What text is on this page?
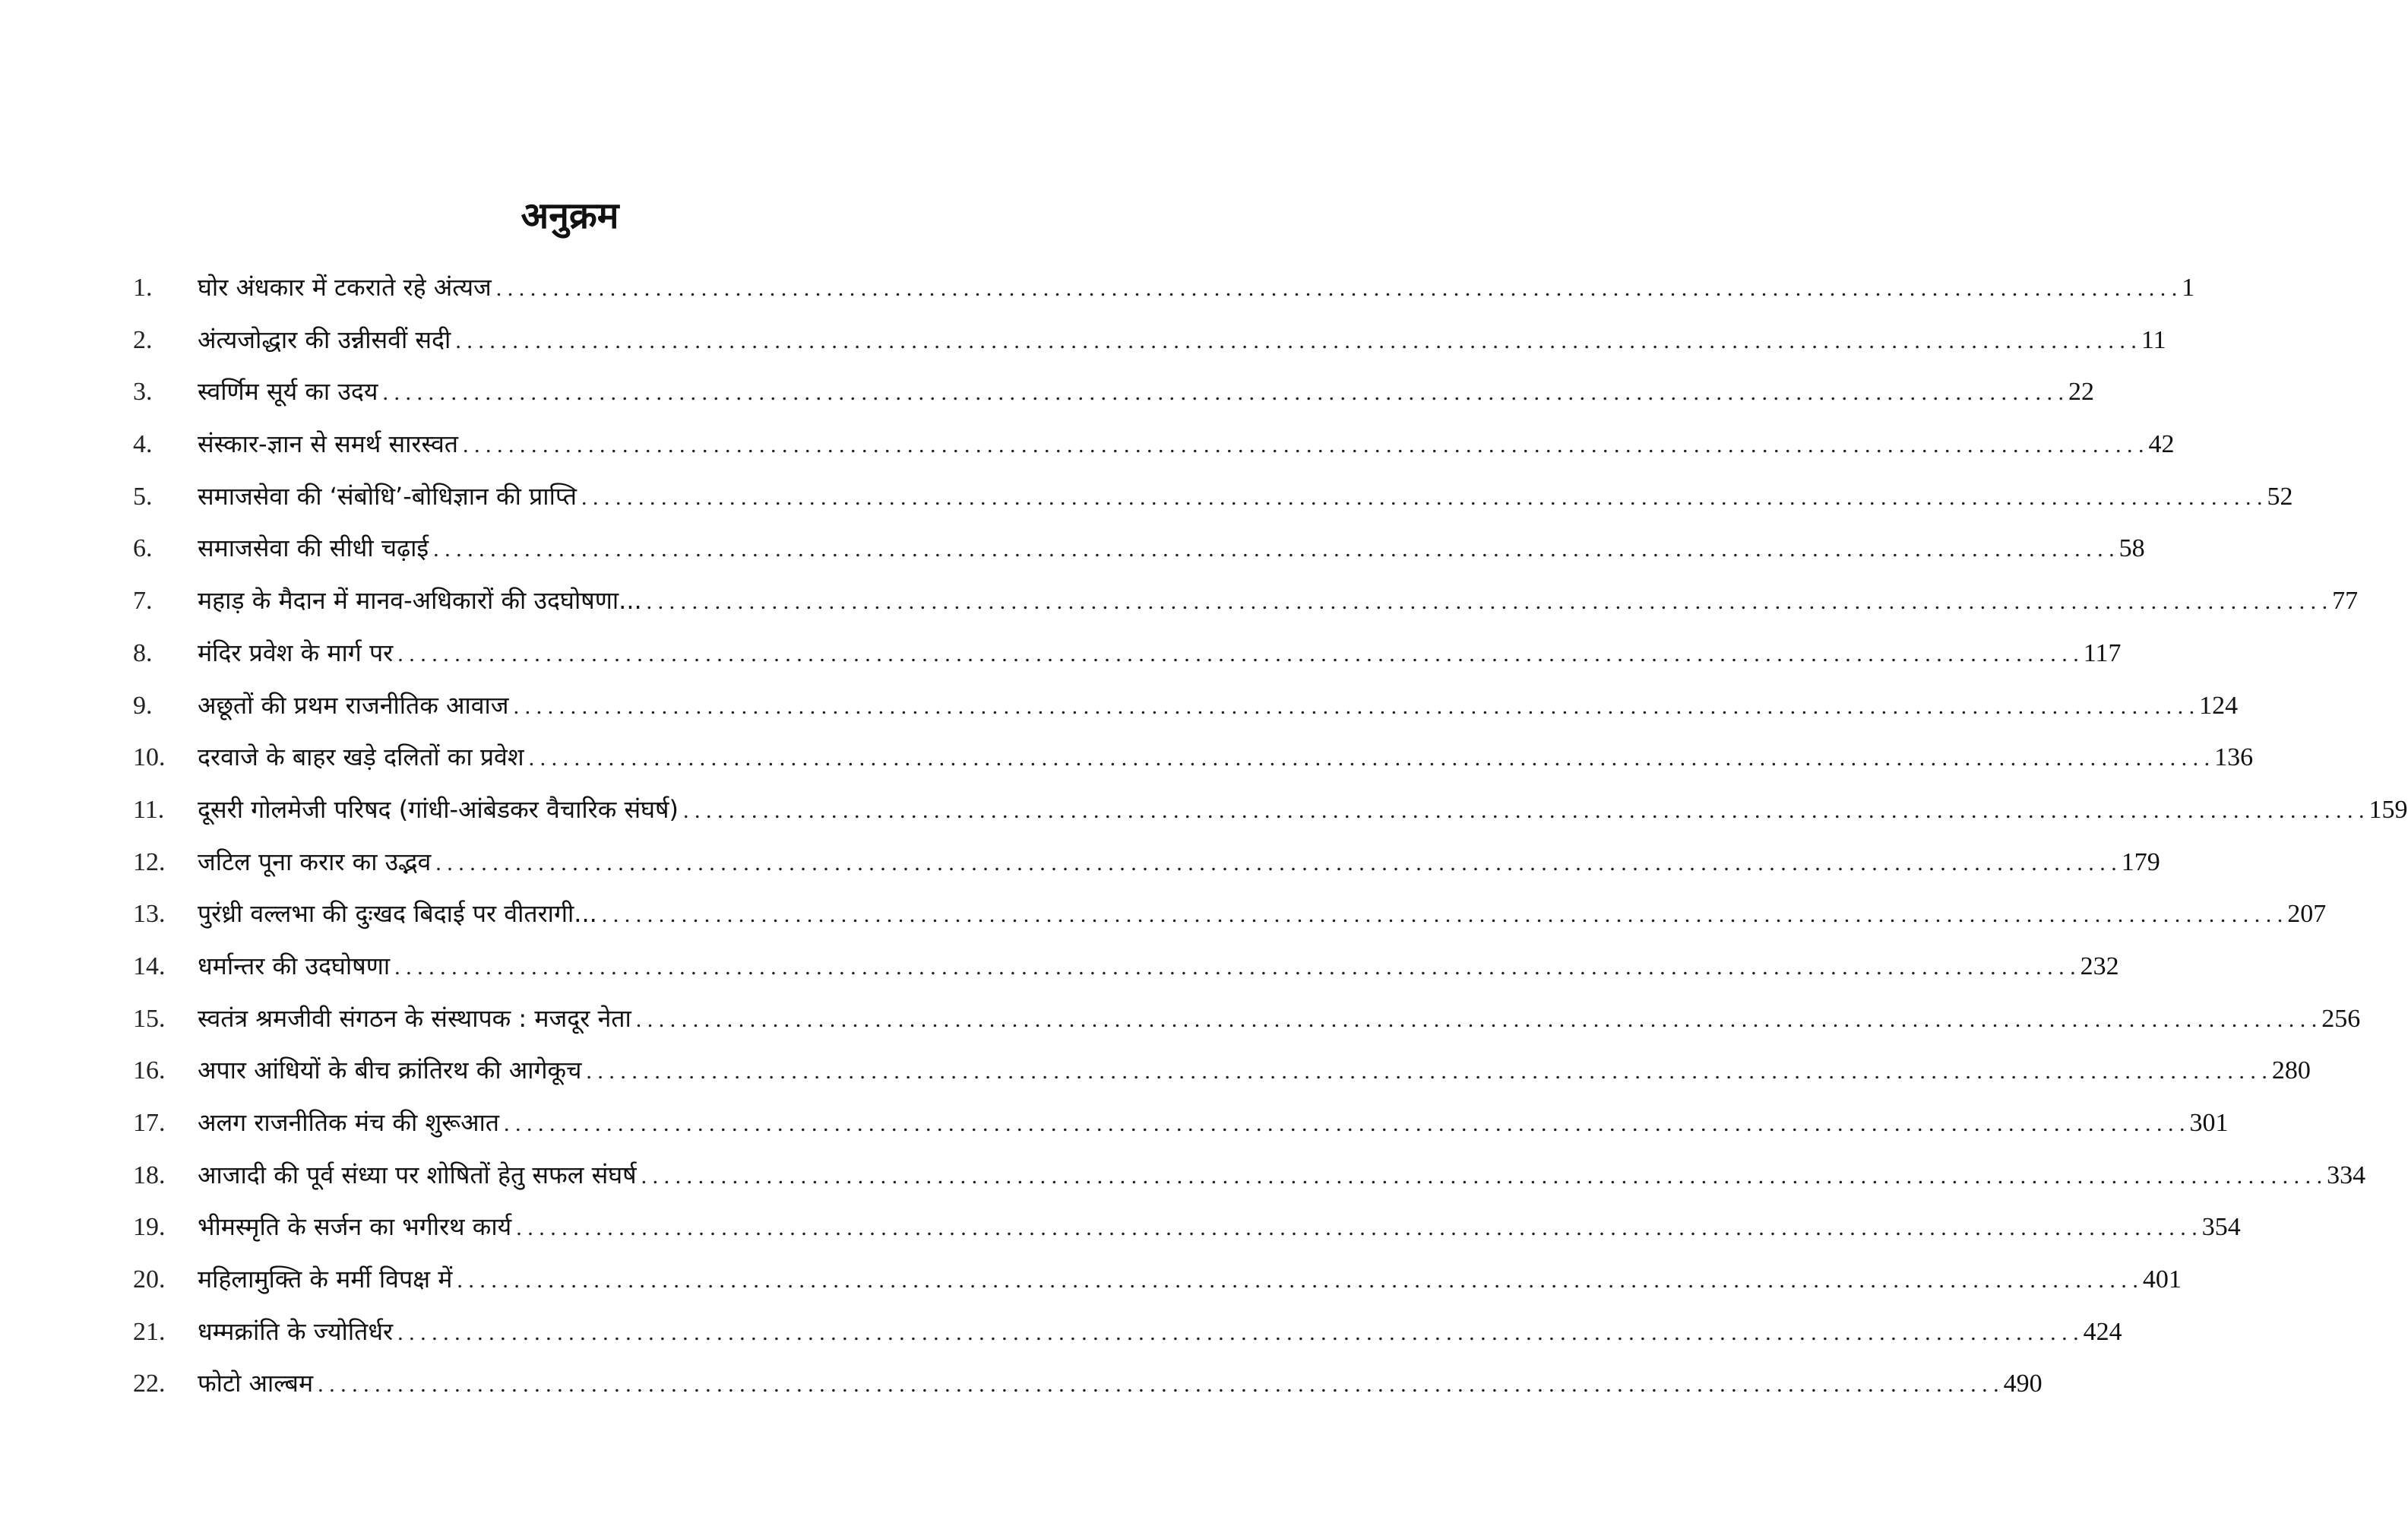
अनुक्रम
1.	घोर अंधकार में टकराते रहे अंत्यज . . .	1
2.	अंत्यजोद्धार की उन्नीसवीं सदी . . .	11
3.	स्वर्णिम सूर्य का उदय . . .	22
4.	संस्कार-ज्ञान से समर्थ सारस्वत . . .	42
5.	समाजसेवा की ‘संबोधि’-बोधिज्ञान की प्राप्ति . . .	52
6.	समाजसेवा की सीधी चढ़ाई . . .	58
7.	महाड़ के मैदान में मानव-अधिकारों की उदघोषणा... . . .	77
8.	मंदिर प्रवेश के मार्ग पर . . .	117
9.	अछूतों की प्रथम राजनीतिक आवाज . . .	124
10.	दरवाजे के बाहर खड़े दलितों का प्रवेश . . .	136
11.	दूसरी गोलमेजी परिषद (गांधी-आंबेडकर वैचारिक संघर्ष) . . .	159
12.	जटिल पूना करार का उद्भव . . .	179
13.	पुरंध्री वल्लभा की दुःखद बिदाई पर वीतरागी... . . .	207
14.	धर्मान्तर की उदघोषणा . . .	232
15.	स्वतंत्र श्रमजीवी संगठन के संस्थापक : मजदूर नेता . . .	256
16.	अपार आंधियों के बीच क्रांतिरथ की आगेकूच . . .	280
17.	अलग राजनीतिक मंच की शुरूआत . . .	301
18.	आजादी की पूर्व संध्या पर शोषितों हेतु सफल संघर्ष . . .	334
19.	भीमस्मृति के सर्जन का भगीरथ कार्य . . .	354
20.	महिलामुक्ति के मर्मी विपक्ष में . . .	401
21.	धम्मक्रांति के ज्योतिर्धर . . .	424
22.	फोटो आल्बम . . .	490
